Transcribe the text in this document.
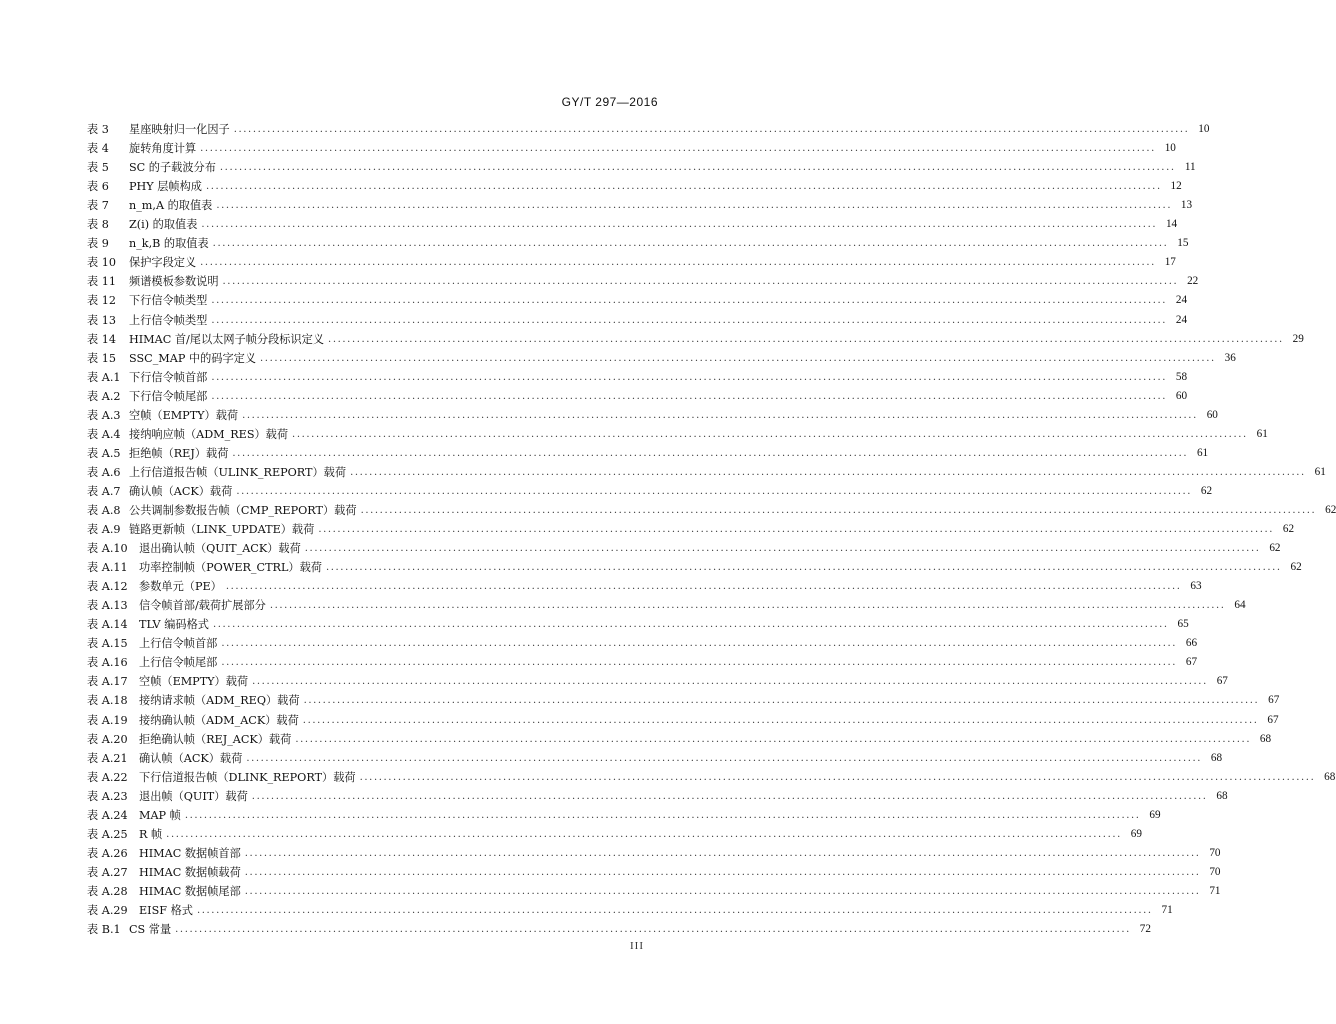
GY/T 297—2016
表 3	星座映射归一化因子 ........................................................................................................................................................................................................ 10
表 4	旋转角度计算 ........................................................................................................................................................................................................ 10
表 5	SC 的子载波分布 ........................................................................................................................................................................................................ 11
表 6	PHY 层帧构成 ........................................................................................................................................................................................................ 12
表 7	n_m,A 的取值表 ........................................................................................................................................................................................................ 13
表 8	Z(i) 的取值表 ........................................................................................................................................................................................................ 14
表 9	n_k,B 的取值表 ........................................................................................................................................................................................................ 15
表 10	保护字段定义 ........................................................................................................................................................................................................ 17
表 11	频谱模板参数说明 ........................................................................................................................................................................................................ 22
表 12	下行信令帧类型 ........................................................................................................................................................................................................ 24
表 13	上行信令帧类型 ........................................................................................................................................................................................................ 24
表 14	HIMAC 首/尾以太网子帧分段标识定义 ........................................................................................................................................................................................................ 29
表 15	SSC_MAP 中的码字定义 ........................................................................................................................................................................................................ 36
表 A.1 下行信令帧首部 ........................................................................................................................................................................................................ 58
表 A.2 下行信令帧尾部 ........................................................................................................................................................................................................ 60
表 A.3 空帧（EMPTY）载荷 ........................................................................................................................................................................................................ 60
表 A.4 接纳响应帧（ADM_RES）载荷 ........................................................................................................................................................................................................ 61
表 A.5 拒绝帧（REJ）载荷 ........................................................................................................................................................................................................ 61
表 A.6 上行信道报告帧（ULINK_REPORT）载荷 ........................................................................................................................................................................................................ 61
表 A.7 确认帧（ACK）载荷 ........................................................................................................................................................................................................ 62
表 A.8 公共调制参数报告帧（CMP_REPORT）载荷 ........................................................................................................................................................................................................ 62
表 A.9 链路更新帧（LINK_UPDATE）载荷 ........................................................................................................................................................................................................ 62
表 A.10	退出确认帧（QUIT_ACK）载荷 ........................................................................................................................................................................................................ 62
表 A.11	功率控制帧（POWER_CTRL）载荷 ........................................................................................................................................................................................................ 62
表 A.12	参数单元（PE） ........................................................................................................................................................................................................ 63
表 A.13	信令帧首部/载荷扩展部分 ........................................................................................................................................................................................................ 64
表 A.14	TLV 编码格式 ........................................................................................................................................................................................................ 65
表 A.15	上行信令帧首部 ........................................................................................................................................................................................................ 66
表 A.16	上行信令帧尾部 ........................................................................................................................................................................................................ 67
表 A.17	空帧（EMPTY）载荷 ........................................................................................................................................................................................................ 67
表 A.18	接纳请求帧（ADM_REQ）载荷 ........................................................................................................................................................................................................ 67
表 A.19	接纳确认帧（ADM_ACK）载荷 ........................................................................................................................................................................................................ 67
表 A.20	拒绝确认帧（REJ_ACK）载荷 ........................................................................................................................................................................................................ 68
表 A.21	确认帧（ACK）载荷 ........................................................................................................................................................................................................ 68
表 A.22	下行信道报告帧（DLINK_REPORT）载荷 ........................................................................................................................................................................................................ 68
表 A.23	退出帧（QUIT）载荷 ........................................................................................................................................................................................................ 68
表 A.24	MAP 帧 ........................................................................................................................................................................................................ 69
表 A.25	R 帧 ........................................................................................................................................................................................................ 69
表 A.26	HIMAC 数据帧首部 ........................................................................................................................................................................................................ 70
表 A.27	HIMAC 数据帧载荷 ........................................................................................................................................................................................................ 70
表 A.28	HIMAC 数据帧尾部 ........................................................................................................................................................................................................ 71
表 A.29	EISF 格式 ........................................................................................................................................................................................................ 71
表 B.1 CS 常量 ........................................................................................................................................................................................................ 72
III
